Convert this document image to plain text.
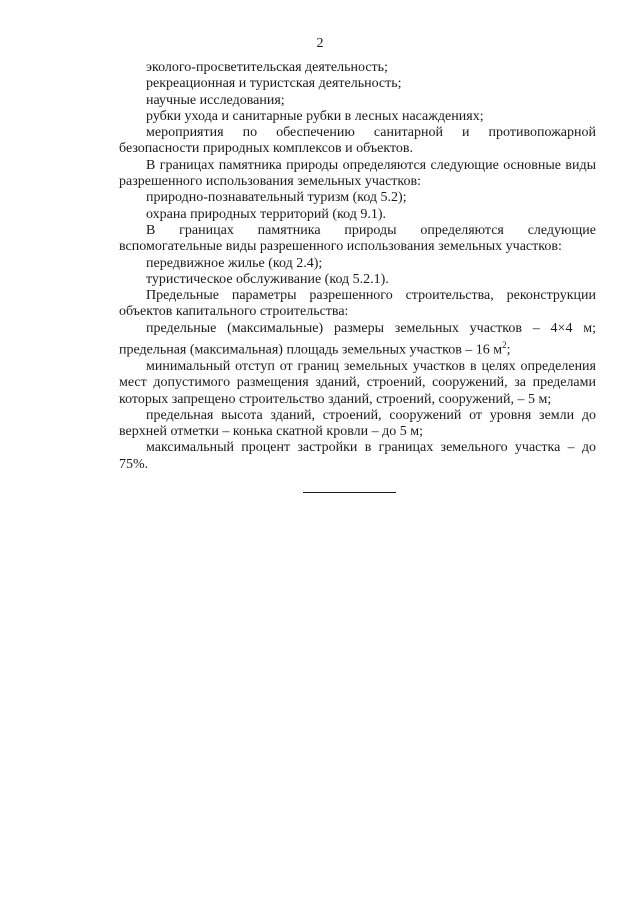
2

эколого-просветительская деятельность;

рекреационная и туристская деятельность;

научные исследования;

рубки ухода и санитарные рубки в лесных насаждениях;

мероприятия по обеспечению санитарной и противопожарной безопасности природных комплексов и объектов.

В границах памятника природы определяются следующие основные виды разрешенного использования земельных участков:

природно-познавательный туризм (код 5.2);

охрана природных территорий (код 9.1).

В границах памятника природы определяются следующие вспомогательные виды разрешенного использования земельных участков:

передвижное жилье (код 2.4);

туристическое обслуживание (код 5.2.1).

Предельные параметры разрешенного строительства, реконструкции объектов капитального строительства:

предельные (максимальные) размеры земельных участков – 4×4 м; предельная (максимальная) площадь земельных участков – 16 $м^2$;

минимальный отступ от границ земельных участков в целях определения мест допустимого размещения зданий, строений, сооружений, за пределами которых запрещено строительство зданий, строений, сооружений, – 5 м;

предельная высота зданий, строений, сооружений от уровня земли до верхней отметки – конька скатной кровли – до 5 м;

максимальный процент застройки в границах земельного участка – до 75%.
